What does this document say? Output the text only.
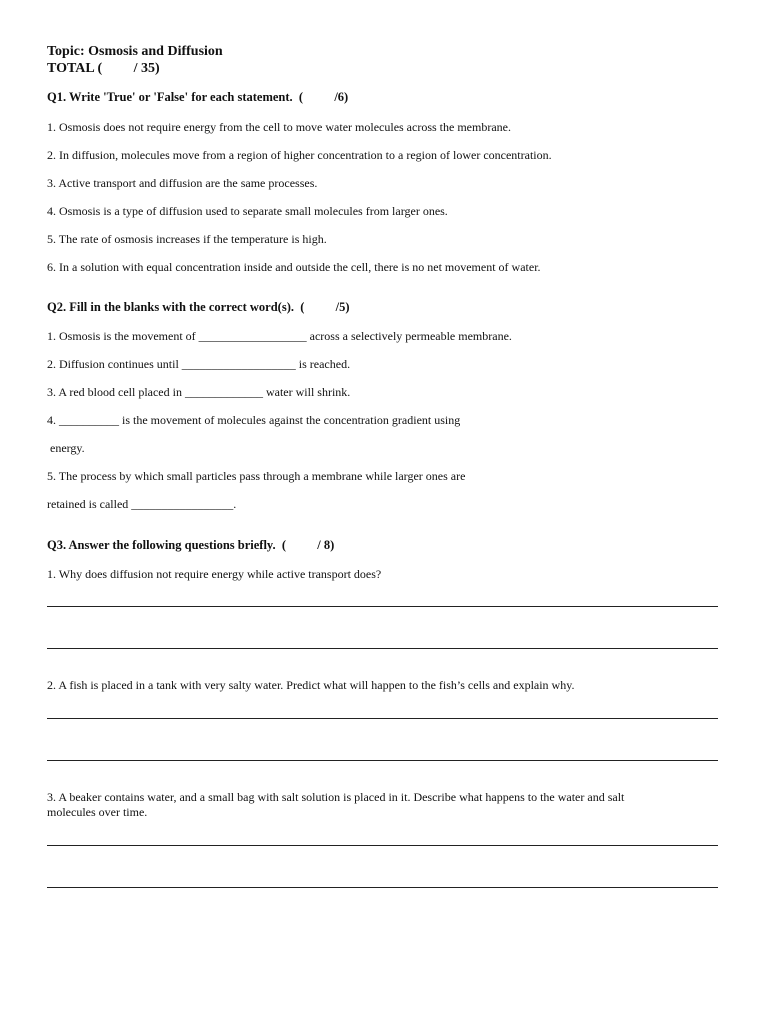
Topic: Osmosis and Diffusion
TOTAL (         / 35)
Q1. Write 'True' or 'False' for each statement.  (          /6)
1. Osmosis does not require energy from the cell to move water molecules across the membrane.
2. In diffusion, molecules move from a region of higher concentration to a region of lower concentration.
3. Active transport and diffusion are the same processes.
4. Osmosis is a type of diffusion used to separate small molecules from larger ones.
5. The rate of osmosis increases if the temperature is high.
6. In a solution with equal concentration inside and outside the cell, there is no net movement of water.
Q2. Fill in the blanks with the correct word(s).  (          /5)
1. Osmosis is the movement of __________________ across a selectively permeable membrane.
2. Diffusion continues until ___________________ is reached.
3. A red blood cell placed in _____________ water will shrink.
4. __________ is the movement of molecules against the concentration gradient using
energy.
5. The process by which small particles pass through a membrane while larger ones are
retained is called _________________.
Q3. Answer the following questions briefly.  (          / 8)
1. Why does diffusion not require energy while active transport does?
2. A fish is placed in a tank with very salty water. Predict what will happen to the fish’s cells and explain why.
3. A beaker contains water, and a small bag with salt solution is placed in it. Describe what happens to the water and salt
molecules over time.
